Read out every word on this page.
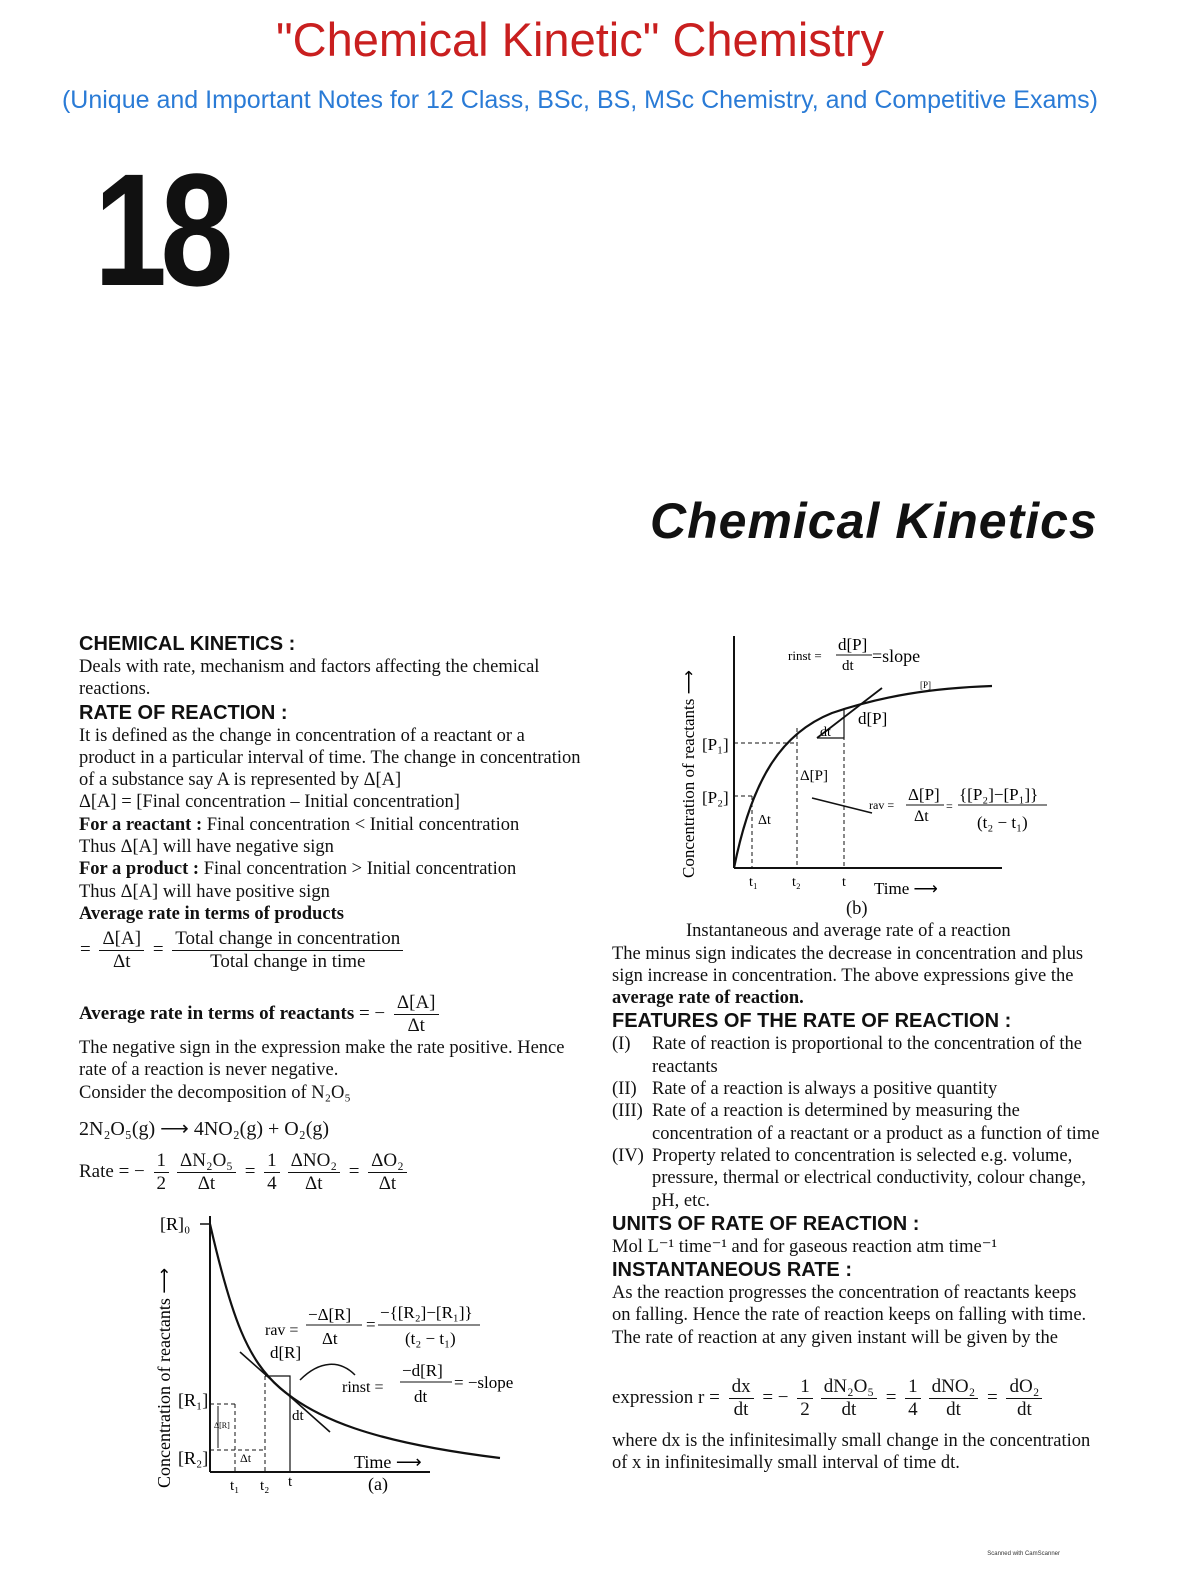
"Chemical Kinetic" Chemistry
(Unique and Important Notes for 12 Class, BSc, BS, MSc Chemistry, and Competitive Exams)
18
Chemical Kinetics
CHEMICAL KINETICS :
Deals with rate, mechanism and factors affecting the chemical
reactions.
RATE OF REACTION :
It is defined as the change in concentration of a reactant or a
product in a particular interval of time. The change in concentration
of a substance say A is represented by Δ[A]
Δ[A] = [Final concentration – Initial concentration]
For a reactant : Final concentration < Initial concentration
Thus Δ[A] will have negative sign
For a product : Final concentration > Initial concentration
Thus Δ[A] will have positive sign
Average rate in terms of products
= $\frac{\Delta[A]}{\Delta t} = \frac{\text{Total change in concentration}}{\text{Total change in time}}$
Average rate in terms of reactants = − $\frac{\Delta[A]}{\Delta t}$
The negative sign in the expression make the rate positive. Hence
rate of a reaction is never negative.
Consider the decomposition of N₂O₅
2N₂O₅(g) ⟶ 4NO₂(g) + O₂(g)
Rate = − $\frac{1}{2} \frac{\text{ΔN₂O₅}}{\Delta t} = \frac{1}{4} \frac{\text{ΔNO₂}}{\Delta t} = \frac{\text{ΔO₂}}{\Delta t}$
Concentration of reactants ⟶
[R]₀
[R₁]
[R₂]
Δ[R]
Δt
d[R]
dt
t₁ t₂ t
rav =
−Δ[R]
Δt
=
−{[R₂]−[R₁]}
(t₂ − t₁)
rinst =
−d[R]
dt
= −slope
Time ⟶
(a)
Concentration of reactants ⟶ [P₁]
[P₂]
Δt
Δ[P]
dt
d[P]
[P]
t₁ t₂	t Time ⟶
rinst =
d[P]
dt =slope
rav =
Δ[P]
Δt
=
{[P₂]−[P₁]}
(t₂ − t₁)
(b)
Instantaneous and average rate of a reaction
The minus sign indicates the decrease in concentration and plus
sign increase in concentration. The above expressions give the
average rate of reaction.
FEATURES OF THE RATE OF REACTION :
(I) Rate of reaction is proportional to the concentration of the
reactants
(II) Rate of a reaction is always a positive quantity
(III) Rate of a reaction is determined by measuring the
concentration of a reactant or a product as a function of time
(IV) Property related to concentration is selected e.g. volume,
pressure, thermal or electrical conductivity, colour change,
pH, etc.
UNITS OF RATE OF REACTION :
Mol L⁻¹ time⁻¹ and for gaseous reaction atm time⁻¹
INSTANTANEOUS RATE :
As the reaction progresses the concentration of reactants keeps
on falling. Hence the rate of reaction keeps on falling with time.
The rate of reaction at any given instant will be given by the
expression $r = \frac{dx}{dt}$ = − $\frac{1}{2} \frac{\text{dN₂O₅}}{dt} = \frac{1}{4} \frac{\text{dNO₂}}{dt} = \frac{\text{dO₂}}{dt}$
where dx is the infinitesimally small change in the concentration
of x in infinitesimally small interval of time dt.
Scanned with CamScanner
